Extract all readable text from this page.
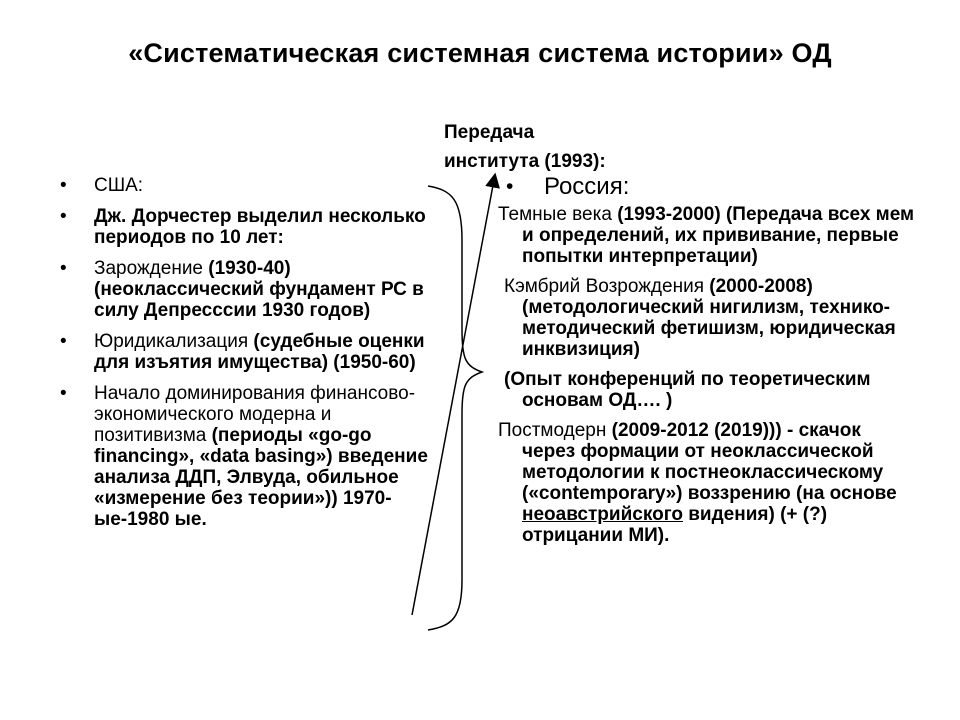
«Систематическая системная система истории» ОД
Передача
института (1993):
• США:
• Дж. Дорчестер выделил несколько периодов по 10 лет:
• Зарождение (1930-40) (неоклассический фундамент РС в силу Депресссии 1930 годов)
• Юридикализация (судебные оценки для изъятия имущества) (1950-60)
• Начало доминирования финансово-экономического модерна и позитивизма (периоды «go-go financing», «data basing») введение анализа ДДП, Элвуда, обильное «измерение без теории»)) 1970-ые-1980 ые.
• Россия:
Темные века (1993-2000) (Передача всех мем и определений, их прививание, первые попытки интерпретации)
Кэмбрий Возрождения (2000-2008) (методологический нигилизм, технико-методический фетишизм, юридическая инквизиция)
(Опыт конференций по теоретическим основам ОД…. )
Постмодерн (2009-2012 (2019))) - скачок через формации от неоклассической методологии к постнеоклассическому («contemporary») воззрению (на основе неоавстрийского видения) (+ (?) отрицании МИ).
